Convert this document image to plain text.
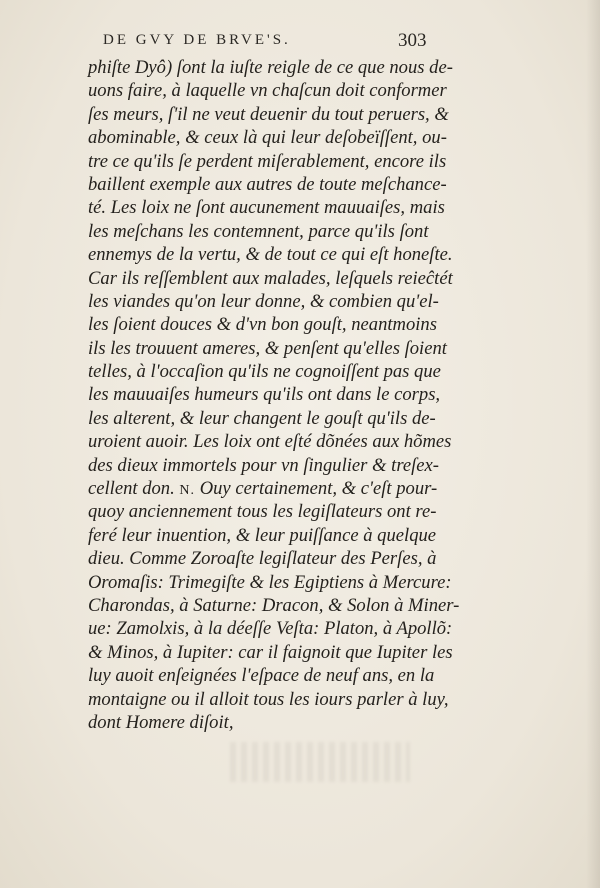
DE GVY DE BRVE'S.	303
phiſte Dyô) ſont la iuſte reigle de ce que nous de-
uons faire, à laquelle vn chaſcun doit conformer
ſes meurs, ſ'il ne veut deuenir du tout peruers, &
abominable, & ceux là qui leur deſobeïſſent, ou-
tre ce qu'ils ſe perdent miſerablement, encore ils
baillent exemple aux autres de toute meſchance-
té. Les loix ne ſont aucunement mauuaiſes, mais
les meſchans les contemnent, parce qu'ils ſont
ennemys de la vertu, & de tout ce qui eſt honeſte.
Car ils reſſemblent aux malades, leſquels reieĉtét
les viandes qu'on leur donne, & combien qu'el-
les ſoient douces & d'vn bon gouſt, neantmoins
ils les trouuent ameres, & penſent qu'elles ſoient
telles, à l'occaſion qu'ils ne cognoiſſent pas que
les mauuaiſes humeurs qu'ils ont dans le corps,
les alterent, & leur changent le gouſt qu'ils de-
uroient auoir. Les loix ont eſté dõnées aux hõmes
des dieux immortels pour vn ſingulier & treſex-
cellent don. N. Ouy certainement, & c'eſt pour-
quoy anciennement tous les legiſlateurs ont re-
feré leur inuention, & leur puiſſance à quelque
dieu. Comme Zoroaſte legiſlateur des Perſes, à
Oromaſis: Trimegiſte & les Egiptiens à Mercure:
Charondas, à Saturne: Dracon, & Solon à Miner-
ue: Zamolxis, à la déeſſe Veſta: Platon, à Apollõ:
& Minos, à Iupiter: car il faignoit que Iupiter les
luy auoit enſeignées l'eſpace de neuf ans, en la
montaigne ou il alloit tous les iours parler à luy,
dont Homere diſoit,
